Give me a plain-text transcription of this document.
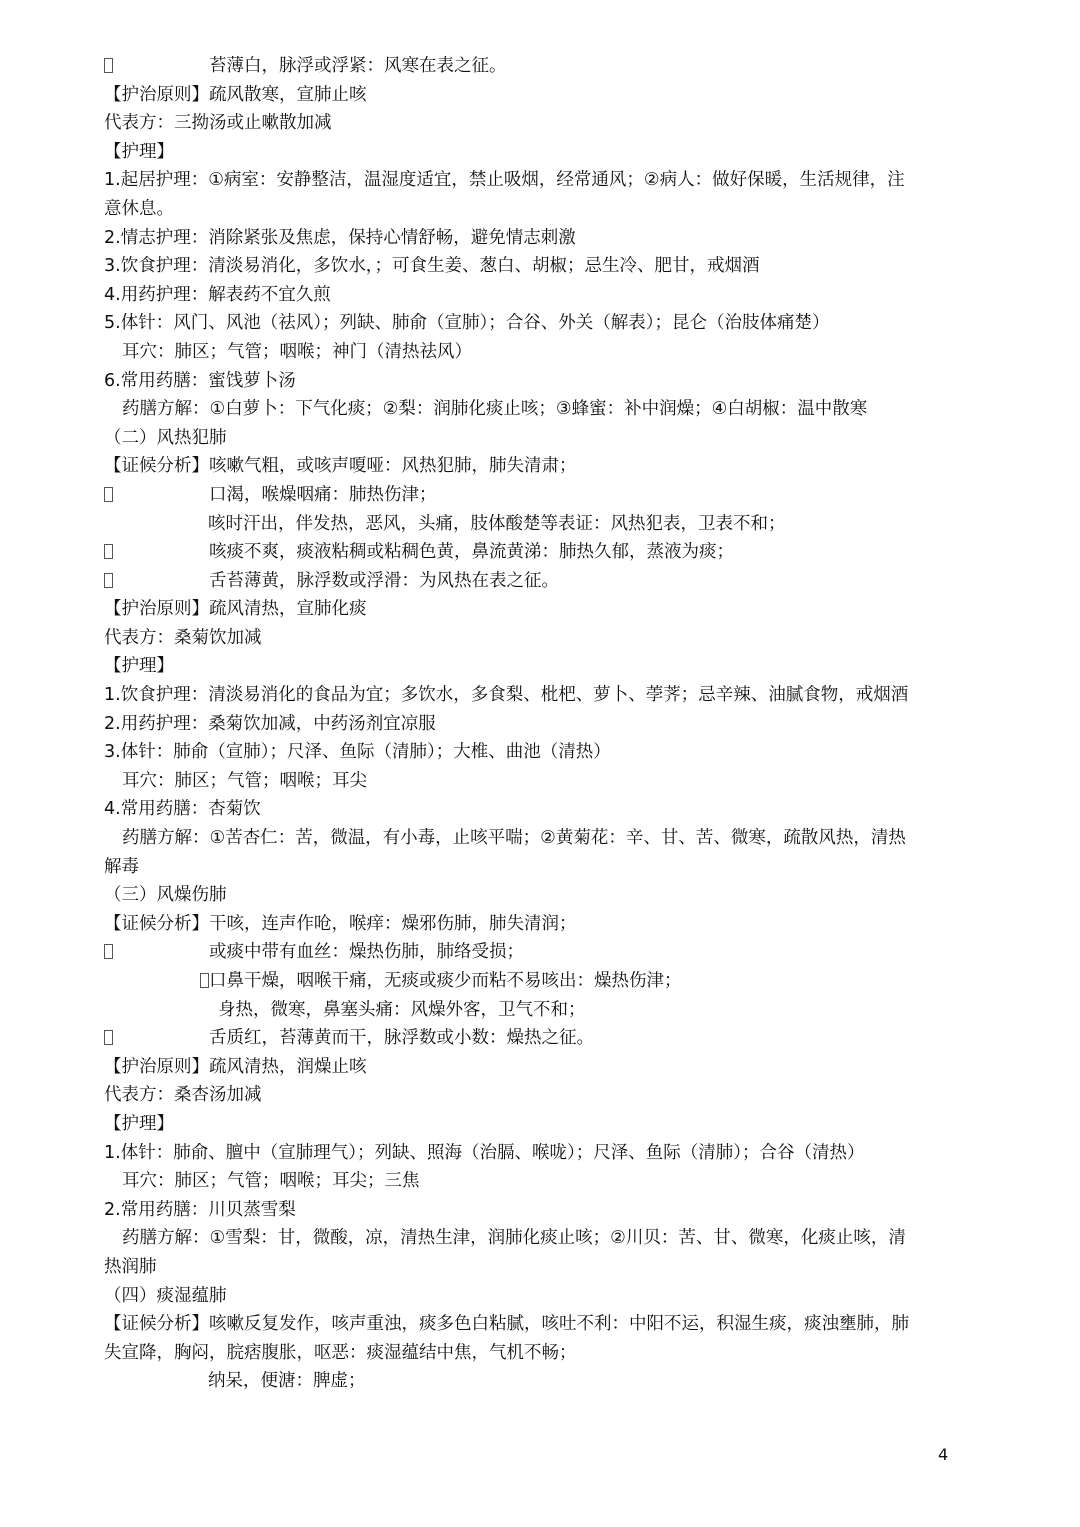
苔薄白，脉浮或浮紧：风寒在表之征。
【护治原则】疏风散寒，宣肺止咳
代表方：三拗汤或止嗽散加减
【护理】
1.起居护理：①病室：安静整洁，温湿度适宜，禁止吸烟，经常通风；②病人：做好保暖，生活规律，注
意休息。
2.情志护理：消除紧张及焦虑，保持心情舒畅，避免情志刺激
3.饮食护理：清淡易消化，多饮水，；可食生姜、葱白、胡椒；忌生冷、肥甘，戒烟酒
4.用药护理：解表药不宜久煎
5.体针：风门、风池（祛风）；列缺、肺俞（宣肺）；合谷、外关（解表）；昆仑（治肢体痛楚）
耳穴：肺区；气管；咽喉；神门（清热祛风）
6.常用药膳：蜜饯萝卜汤
药膳方解：①白萝卜：下气化痰；②梨：润肺化痰止咳；③蜂蜜：补中润燥；④白胡椒：温中散寒
（二）风热犯肺
【证候分析】咳嗽气粗，或咳声嗄哑：风热犯肺，肺失清肃；
口渴，喉燥咽痛：肺热伤津；
咳时汗出，伴发热，恶风，头痛，肢体酸楚等表证：风热犯表，卫表不和；
咳痰不爽，痰液粘稠或粘稠色黄，鼻流黄涕：肺热久郁，蒸液为痰；
舌苔薄黄，脉浮数或浮滑：为风热在表之征。
【护治原则】疏风清热，宣肺化痰
代表方：桑菊饮加减
【护理】
1.饮食护理：清淡易消化的食品为宜；多饮水，多食梨、枇杷、萝卜、荸荠；忌辛辣、油腻食物，戒烟酒
2.用药护理：桑菊饮加减，中药汤剂宜凉服
3.体针：肺俞（宣肺）；尺泽、鱼际（清肺）；大椎、曲池（清热）
耳穴：肺区；气管；咽喉；耳尖
4.常用药膳：杏菊饮
药膳方解：①苦杏仁：苦，微温，有小毒，止咳平喘；②黄菊花：辛、甘、苦、微寒，疏散风热，清热
解毒
（三）风燥伤肺
【证候分析】干咳，连声作呛，喉痒：燥邪伤肺，肺失清润；
或痰中带有血丝：燥热伤肺，肺络受损；
口鼻干燥，咽喉干痛，无痰或痰少而粘不易咳出：燥热伤津；
身热，微寒，鼻塞头痛：风燥外客，卫气不和；
舌质红，苔薄黄而干，脉浮数或小数：燥热之征。
【护治原则】疏风清热，润燥止咳
代表方：桑杏汤加减
【护理】
1.体针：肺俞、膻中（宣肺理气）；列缺、照海（治膈、喉咙）；尺泽、鱼际（清肺）；合谷（清热）
耳穴：肺区；气管；咽喉；耳尖；三焦
2.常用药膳：川贝蒸雪梨
药膳方解：①雪梨：甘，微酸，凉，清热生津，润肺化痰止咳；②川贝：苦、甘、微寒，化痰止咳，清
热润肺
（四）痰湿蕴肺
【证候分析】咳嗽反复发作，咳声重浊，痰多色白粘腻，咳吐不利：中阳不运，积湿生痰，痰浊壅肺，肺
失宣降，胸闷，脘痞腹胀，呕恶：痰湿蕴结中焦，气机不畅；
纳呆，便溏：脾虚；
4
